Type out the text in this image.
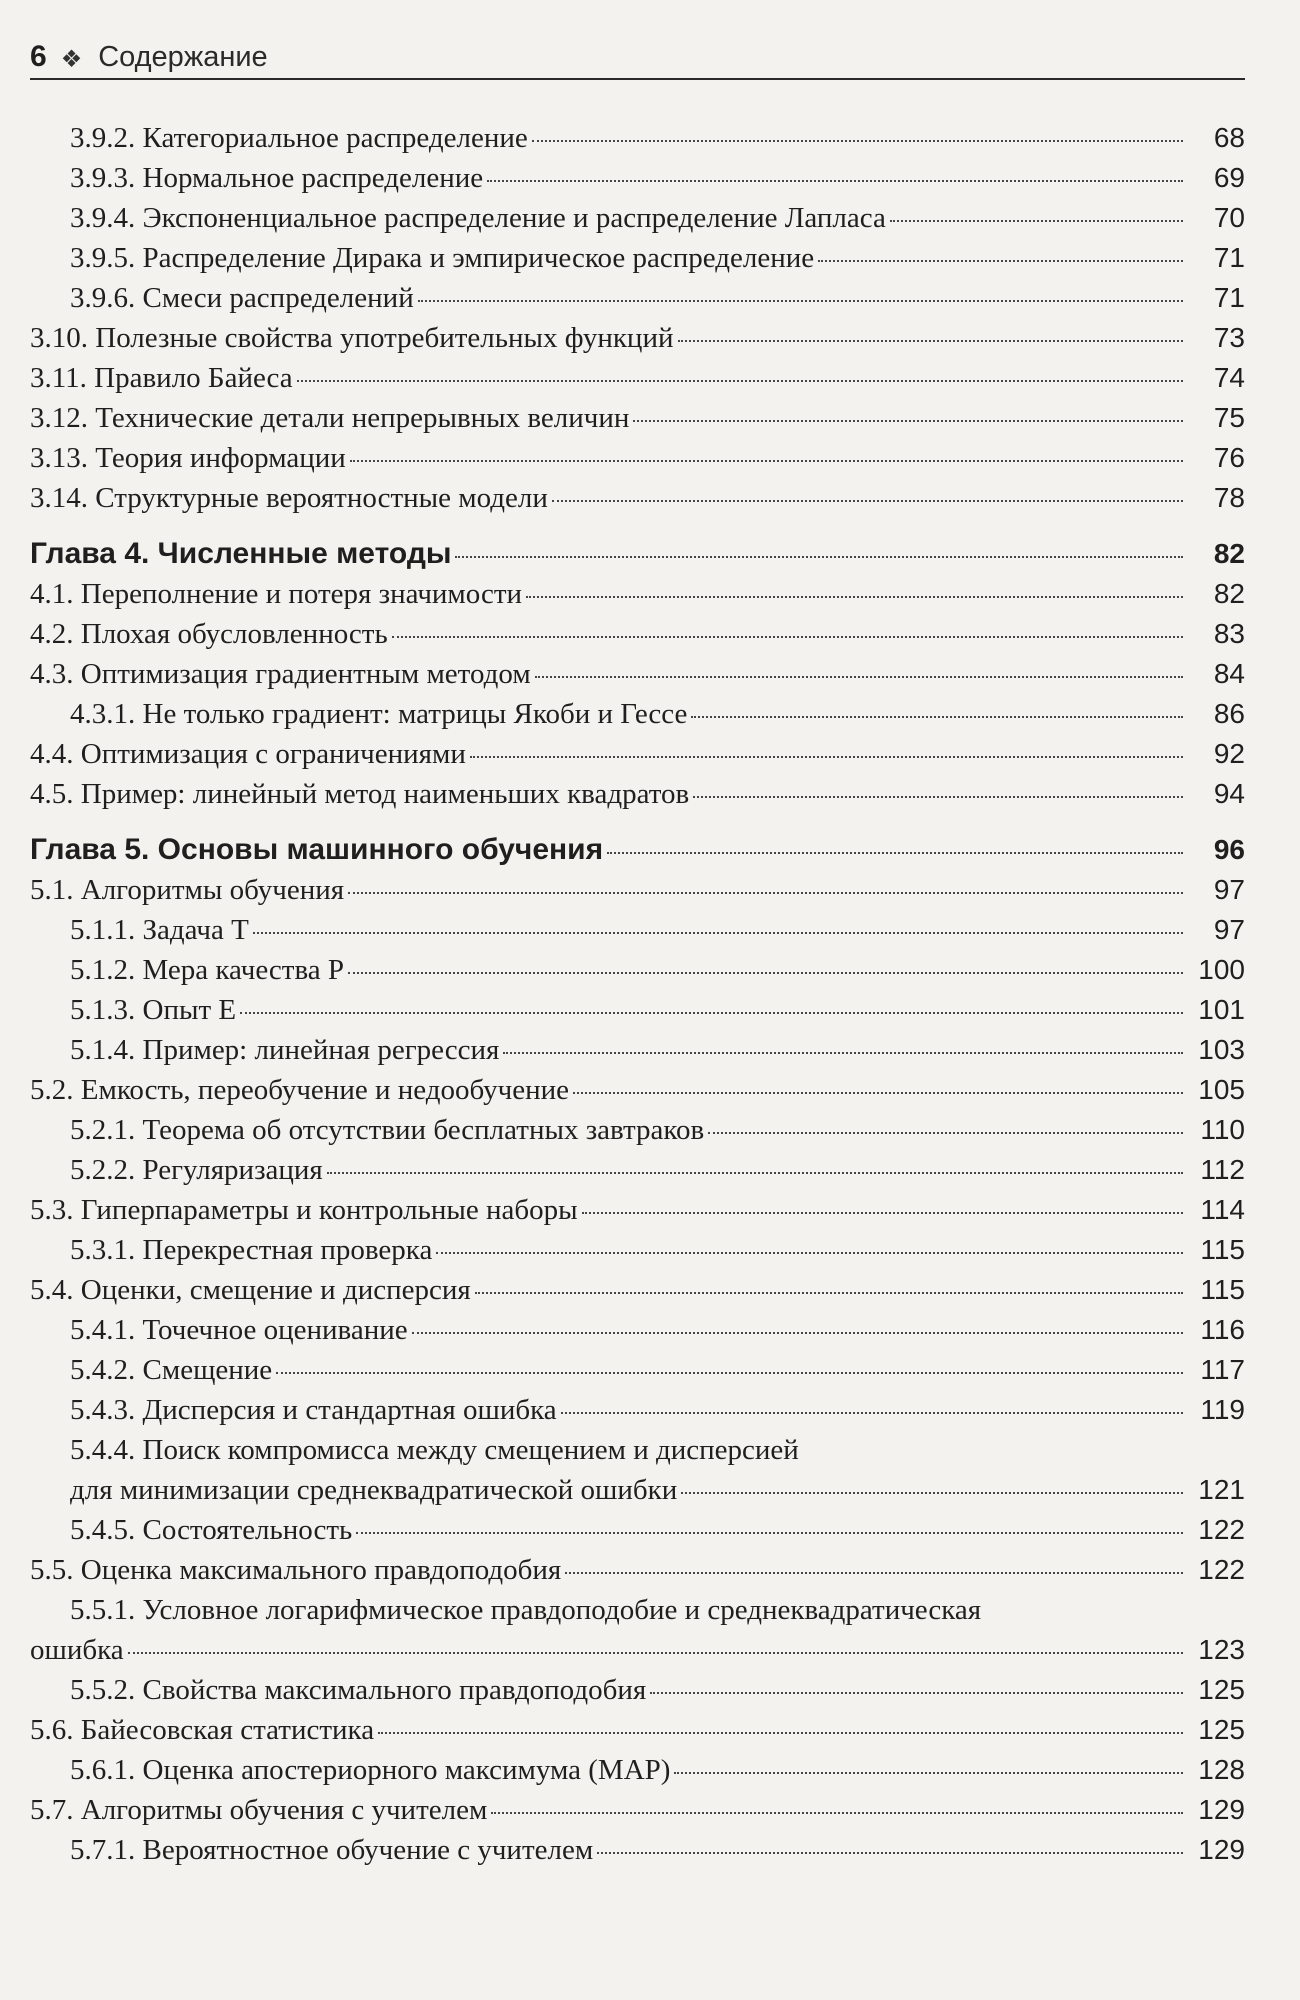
6 ❖ Содержание
3.9.2. Категориальное распределение	68
3.9.3. Нормальное распределение	69
3.9.4. Экспоненциальное распределение и распределение Лапласа	70
3.9.5. Распределение Дирака и эмпирическое распределение	71
3.9.6. Смеси распределений	71
3.10. Полезные свойства употребительных функций	73
3.11. Правило Байеса	74
3.12. Технические детали непрерывных величин	75
3.13. Теория информации	76
3.14. Структурные вероятностные модели	78
Глава 4. Численные методы	82
4.1. Переполнение и потеря значимости	82
4.2. Плохая обусловленность	83
4.3. Оптимизация градиентным методом	84
4.3.1. Не только градиент: матрицы Якоби и Гессе	86
4.4. Оптимизация с ограничениями	92
4.5. Пример: линейный метод наименьших квадратов	94
Глава 5. Основы машинного обучения	96
5.1. Алгоритмы обучения	97
5.1.1. Задача T	97
5.1.2. Мера качества P	100
5.1.3. Опыт E	101
5.1.4. Пример: линейная регрессия	103
5.2. Емкость, переобучение и недообучение	105
5.2.1. Теорема об отсутствии бесплатных завтраков	110
5.2.2. Регуляризация	112
5.3. Гиперпараметры и контрольные наборы	114
5.3.1. Перекрестная проверка	115
5.4. Оценки, смещение и дисперсия	115
5.4.1. Точечное оценивание	116
5.4.2. Смещение	117
5.4.3. Дисперсия и стандартная ошибка	119
5.4.4. Поиск компромисса между смещением и дисперсией
для минимизации среднеквадратической ошибки	121
5.4.5. Состоятельность	122
5.5. Оценка максимального правдоподобия	122
5.5.1. Условное логарифмическое правдоподобие и среднеквадратическая
ошибка	123
5.5.2. Свойства максимального правдоподобия	125
5.6. Байесовская статистика	125
5.6.1. Оценка апостериорного максимума (MAP)	128
5.7. Алгоритмы обучения с учителем	129
5.7.1. Вероятностное обучение с учителем	129
